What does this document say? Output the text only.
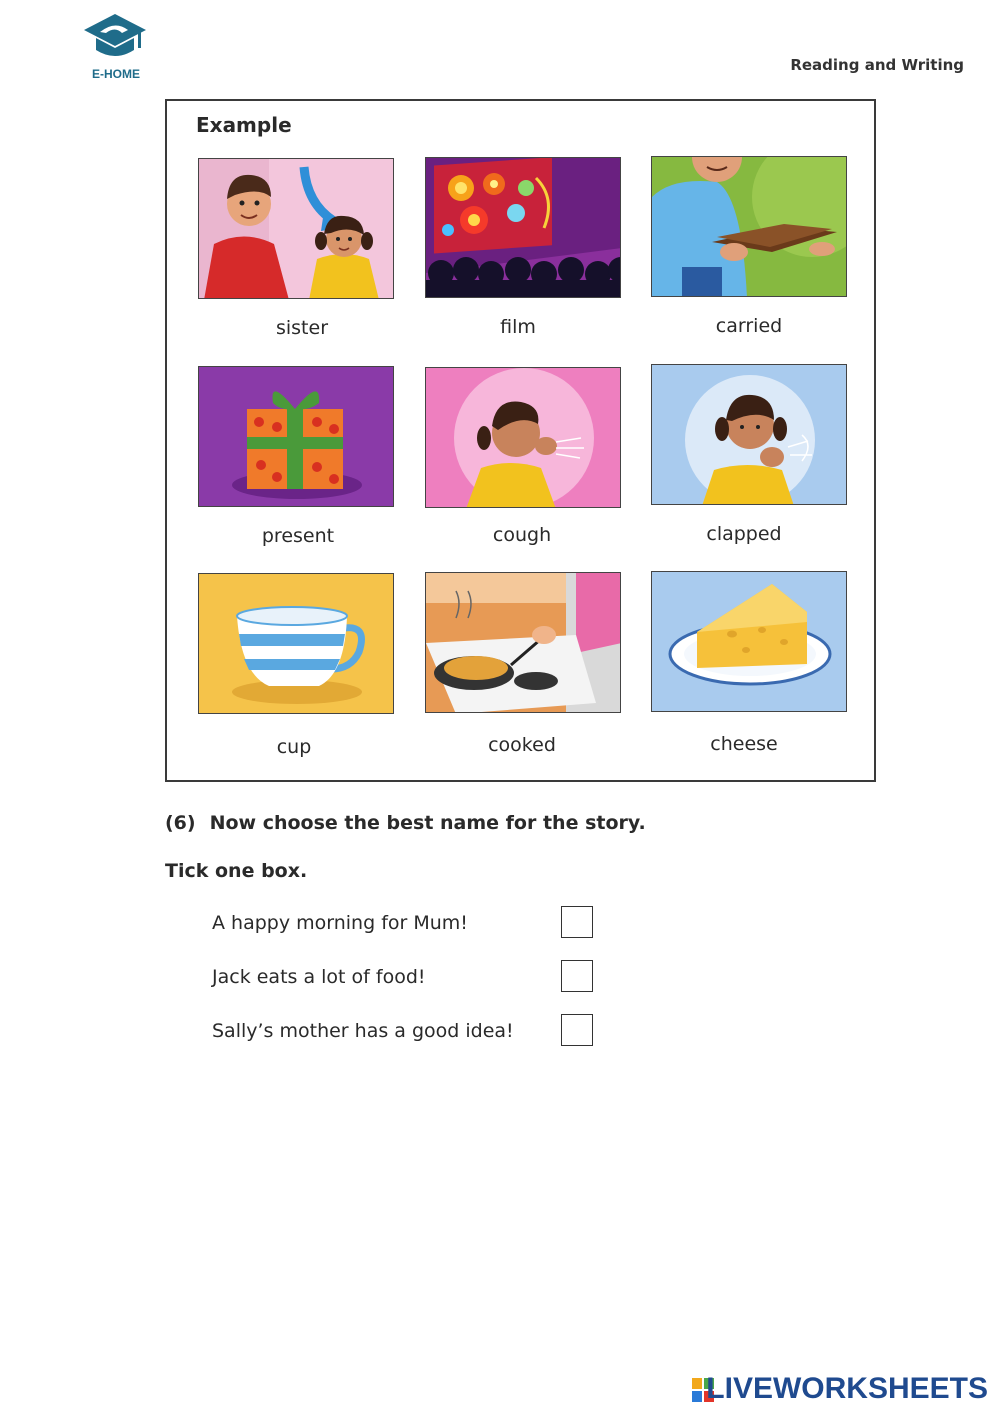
E-HOME	Reading and Writing
Example
sister	film	carried
present	cough	clapped
cup	cooked	cheese
(6) Now choose the best name for the story.
Tick one box.
A happy morning for Mum!
Jack eats a lot of food!
Sally’s mother has a good idea!
LIVEWORKSHEETS
